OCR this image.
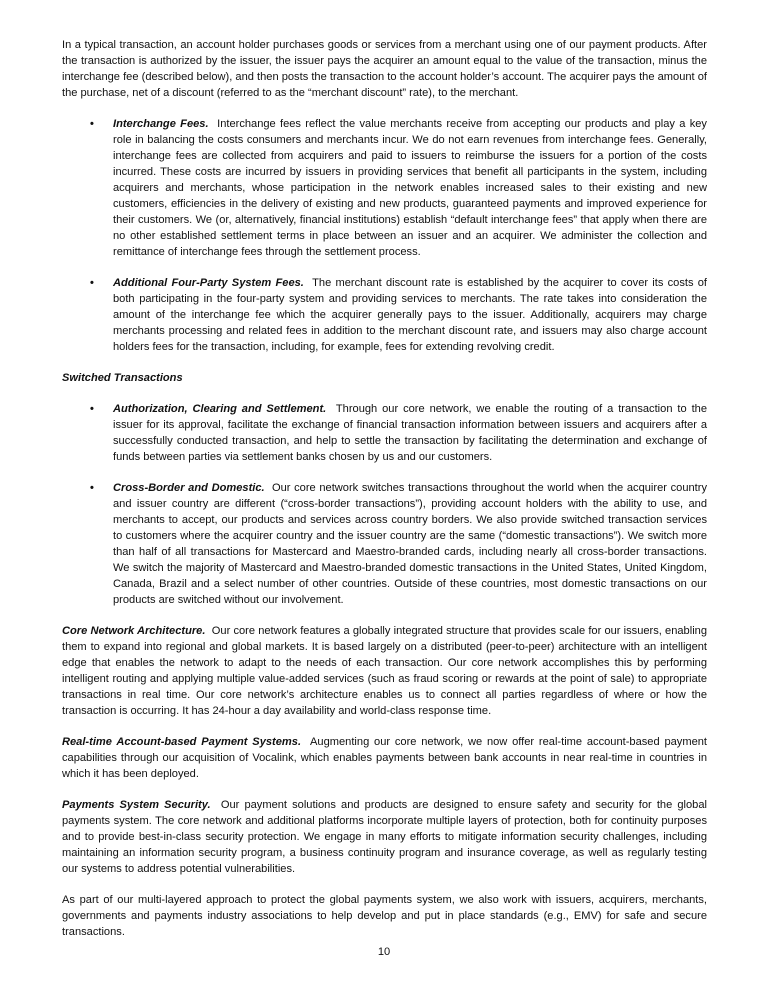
In a typical transaction, an account holder purchases goods or services from a merchant using one of our payment products. After the transaction is authorized by the issuer, the issuer pays the acquirer an amount equal to the value of the transaction, minus the interchange fee (described below), and then posts the transaction to the account holder’s account. The acquirer pays the amount of the purchase, net of a discount (referred to as the “merchant discount” rate), to the merchant.

• Interchange Fees. Interchange fees reflect the value merchants receive from accepting our products and play a key role in balancing the costs consumers and merchants incur. We do not earn revenues from interchange fees. Generally, interchange fees are collected from acquirers and paid to issuers to reimburse the issuers for a portion of the costs incurred. These costs are incurred by issuers in providing services that benefit all participants in the system, including acquirers and merchants, whose participation in the network enables increased sales to their existing and new customers, efficiencies in the delivery of existing and new products, guaranteed payments and improved experience for their customers. We (or, alternatively, financial institutions) establish “default interchange fees” that apply when there are no other established settlement terms in place between an issuer and an acquirer. We administer the collection and remittance of interchange fees through the settlement process.
• Additional Four-Party System Fees. The merchant discount rate is established by the acquirer to cover its costs of both participating in the four-party system and providing services to merchants. The rate takes into consideration the amount of the interchange fee which the acquirer generally pays to the issuer. Additionally, acquirers may charge merchants processing and related fees in addition to the merchant discount rate, and issuers may also charge account holders fees for the transaction, including, for example, fees for extending revolving credit.
Switched Transactions
• Authorization, Clearing and Settlement. Through our core network, we enable the routing of a transaction to the issuer for its approval, facilitate the exchange of financial transaction information between issuers and acquirers after a successfully conducted transaction, and help to settle the transaction by facilitating the determination and exchange of funds between parties via settlement banks chosen by us and our customers.
• Cross-Border and Domestic. Our core network switches transactions throughout the world when the acquirer country and issuer country are different (“cross-border transactions”), providing account holders with the ability to use, and merchants to accept, our products and services across country borders. We also provide switched transaction services to customers where the acquirer country and the issuer country are the same (“domestic transactions”). We switch more than half of all transactions for Mastercard and Maestro-branded cards, including nearly all cross-border transactions. We switch the majority of Mastercard and Maestro-branded domestic transactions in the United States, United Kingdom, Canada, Brazil and a select number of other countries. Outside of these countries, most domestic transactions on our products are switched without our involvement.

Core Network Architecture. Our core network features a globally integrated structure that provides scale for our issuers, enabling them to expand into regional and global markets. It is based largely on a distributed (peer-to-peer) architecture with an intelligent edge that enables the network to adapt to the needs of each transaction. Our core network accomplishes this by performing intelligent routing and applying multiple value-added services (such as fraud scoring or rewards at the point of sale) to appropriate transactions in real time. Our core network’s architecture enables us to connect all parties regardless of where or how the transaction is occurring. It has 24-hour a day availability and world-class response time.

Real-time Account-based Payment Systems. Augmenting our core network, we now offer real-time account-based payment capabilities through our acquisition of Vocalink, which enables payments between bank accounts in near real-time in countries in which it has been deployed.

Payments System Security. Our payment solutions and products are designed to ensure safety and security for the global payments system. The core network and additional platforms incorporate multiple layers of protection, both for continuity purposes and to provide best-in-class security protection. We engage in many efforts to mitigate information security challenges, including maintaining an information security program, a business continuity program and insurance coverage, as well as regularly testing our systems to address potential vulnerabilities.

As part of our multi-layered approach to protect the global payments system, we also work with issuers, acquirers, merchants, governments and payments industry associations to help develop and put in place standards (e.g., EMV) for safe and secure transactions.

10
